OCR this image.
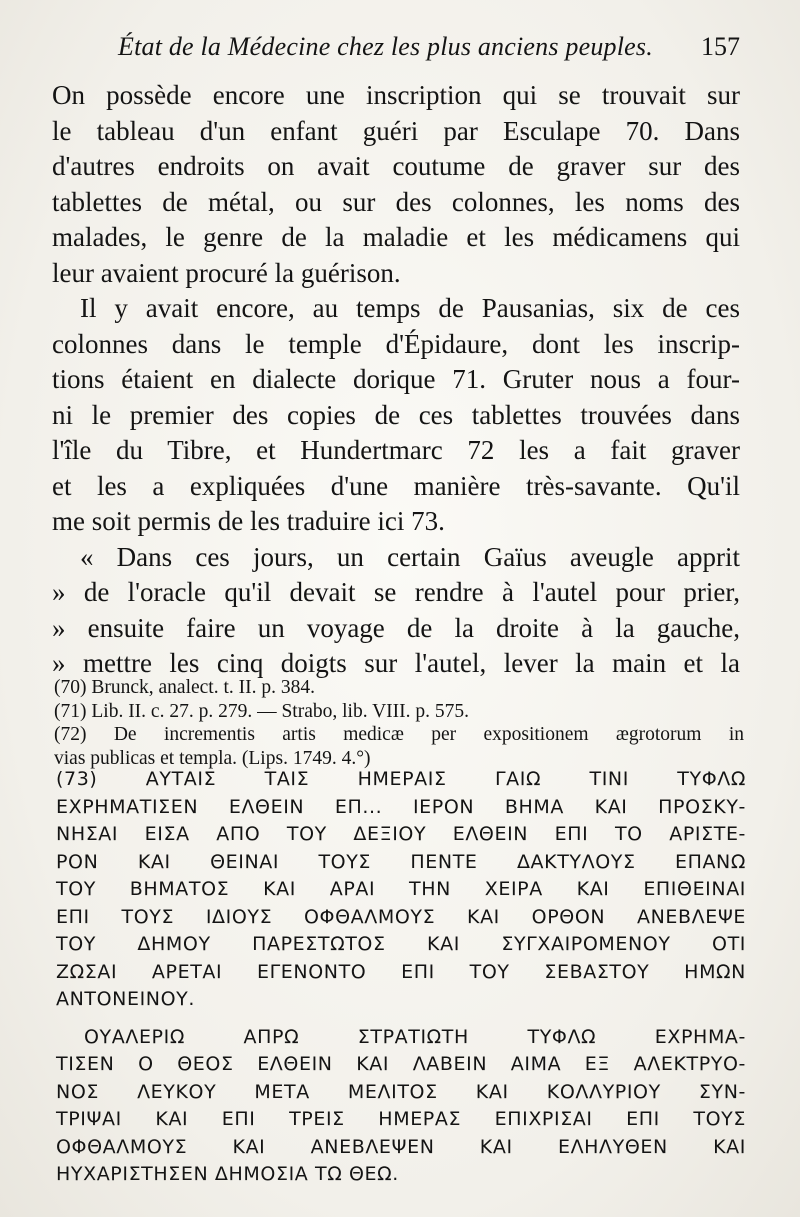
État de la Médecine chez les plus anciens peuples. 157
On possède encore une inscription qui se trouvait sur
le tableau d'un enfant guéri par Esculape 70. Dans
d'autres endroits on avait coutume de graver sur des
tablettes de métal, ou sur des colonnes, les noms des
malades, le genre de la maladie et les médicamens qui
leur avaient procuré la guérison.
Il y avait encore, au temps de Pausanias, six de ces
colonnes dans le temple d'Épidaure, dont les inscrip-
tions étaient en dialecte dorique 71. Gruter nous a four-
ni le premier des copies de ces tablettes trouvées dans
l'île du Tibre, et Hundertmarc 72 les a fait graver
et les a expliquées d'une manière très-savante. Qu'il
me soit permis de les traduire ici 73.
« Dans ces jours, un certain Gaïus aveugle apprit
» de l'oracle qu'il devait se rendre à l'autel pour prier,
» ensuite faire un voyage de la droite à la gauche,
» mettre les cinq doigts sur l'autel, lever la main et la
(70) Brunck, analect. t. II. p. 384.
(71) Lib. II. c. 27. p. 279. — Strabo, lib. VIII. p. 575.
(72) De incrementis artis medicæ per expositionem ægrotorum in
vias publicas et templa. (Lips. 1749. 4.°)
(73) ΑΥΤΑΙΣ ΤΑΙΣ ΗΜΕΡΑΙΣ ΓΑΙΩ ΤΙΝΙ ΤΥΦΛΩ
ΕΧΡΗΜΑΤΙΣΕΝ ΕΛΘΕΙΝ ΕΠ... ΙΕΡΟΝ ΒΗΜΑ ΚΑΙ ΠΡΟΣΚΥ-
ΝΗΣΑΙ ΕΙΣΑ ΑΠΟ ΤΟΥ ΔΕΞΙΟΥ ΕΛΘΕΙΝ ΕΠΙ ΤΟ ΑΡΙΣΤΕ-
ΡΟΝ ΚΑΙ ΘΕΙΝΑΙ ΤΟΥΣ ΠΕΝΤΕ ΔΑΚΤΥΛΟΥΣ ΕΠΑΝΩ
ΤΟΥ ΒΗΜΑΤΟΣ ΚΑΙ ΑΡΑΙ ΤΗΝ ΧΕΙΡΑ ΚΑΙ ΕΠΙΘΕΙΝΑΙ
ΕΠΙ ΤΟΥΣ ΙΔΙΟΥΣ ΟΦΘΑΛΜΟΥΣ ΚΑΙ ΟΡΘΟΝ ΑΝΕΒΛΕΨΕ
ΤΟΥ ΔΗΜΟΥ ΠΑΡΕΣΤΩΤΟΣ ΚΑΙ ΣΥΓΧΑΙΡΟΜΕΝΟΥ ΟΤΙ
ΖΩΣΑΙ ΑΡΕΤΑΙ ΕΓΕΝΟΝΤΟ ΕΠΙ ΤΟΥ ΣΕΒΑΣΤΟΥ ΗΜΩΝ
ΑΝΤΟΝΕΙΝΟΥ.
ΟΥΑΛΕΡΙΩ ΑΠΡΩ ΣΤΡΑΤΙΩΤΗ ΤΥΦΛΩ ΕΧΡΗΜΑ-
ΤΙΣΕΝ Ο ΘΕΟΣ ΕΛΘΕΙΝ ΚΑΙ ΛΑΒΕΙΝ ΑΙΜΑ ΕΞ ΑΛΕΚΤΡΥΟ-
ΝΟΣ ΛΕΥΚΟΥ ΜΕΤΑ ΜΕΛΙΤΟΣ ΚΑΙ ΚΟΛΛΥΡΙΟΥ ΣΥΝ-
ΤΡΙΨΑΙ ΚΑΙ ΕΠΙ ΤΡΕΙΣ ΗΜΕΡΑΣ ΕΠΙΧΡΙΣΑΙ ΕΠΙ ΤΟΥΣ
ΟΦΘΑΛΜΟΥΣ ΚΑΙ ΑΝΕΒΛΕΨΕΝ ΚΑΙ ΕΛΗΛΥΘΕΝ ΚΑΙ
ΗΥΧΑΡΙΣΤΗΣΕΝ ΔΗΜΟΣΙΑ ΤΩ ΘΕΩ.
